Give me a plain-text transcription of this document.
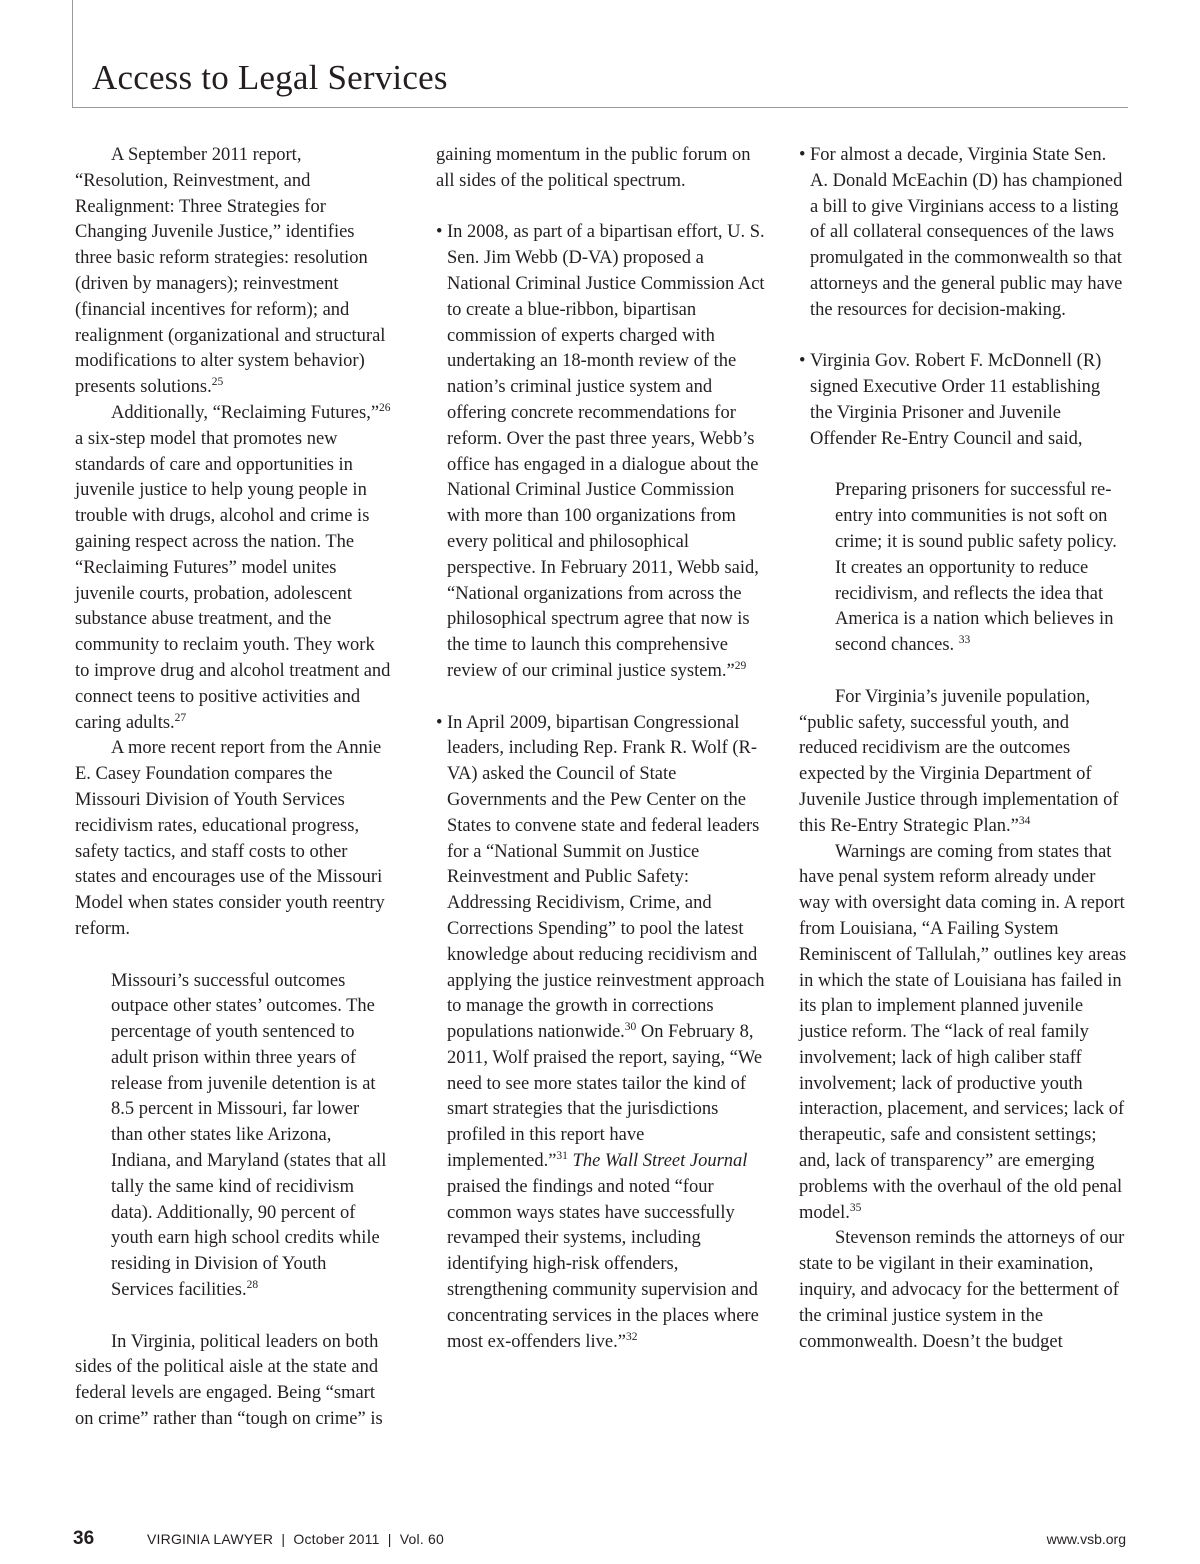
Access to Legal Services

A September 2011 report, “Resolution, Reinvestment, and Realignment: Three Strategies for Changing Juvenile Justice,” identifies three basic reform strategies: resolution (driven by managers); reinvestment (financial incentives for reform); and realignment (organizational and structural modifications to alter system behavior) presents solutions.$^{25}$

Additionally, “Reclaiming Futures,”$^{26}$ a six-step model that promotes new standards of care and opportunities in juvenile justice to help young people in trouble with drugs, alcohol and crime is gaining respect across the nation. The “Reclaiming Futures” model unites juvenile courts, probation, adolescent substance abuse treatment, and the community to reclaim youth. They work to improve drug and alcohol treatment and connect teens to positive activities and caring adults.$^{27}$

A more recent report from the Annie E. Casey Foundation compares the Missouri Division of Youth Services recidivism rates, educational progress, safety tactics, and staff costs to other states and encourages use of the Missouri Model when states consider youth reentry reform.

Missouri’s successful outcomes outpace other states’ outcomes. The percentage of youth sentenced to adult prison within three years of release from juvenile detention is at 8.5 percent in Missouri, far lower than other states like Arizona, Indiana, and Maryland (states that all tally the same kind of recidivism data). Additionally, 90 percent of youth earn high school credits while residing in Division of Youth Services facilities.$^{28}$

In Virginia, political leaders on both sides of the political aisle at the state and federal levels are engaged. Being “smart on crime” rather than “tough on crime” is

gaining momentum in the public forum on all sides of the political spectrum.

• In 2008, as part of a bipartisan effort, U. S. Sen. Jim Webb (D-VA) proposed a National Criminal Justice Commission Act to create a blue-ribbon, bipartisan commission of experts charged with undertaking an 18-month review of the nation’s criminal justice system and offering concrete recommendations for reform. Over the past three years, Webb’s office has engaged in a dialogue about the National Criminal Justice Commission with more than 100 organizations from every political and philosophical perspective. In February 2011, Webb said, “National organizations from across the philosophical spectrum agree that now is the time to launch this comprehensive review of our criminal justice system.”$^{29}$

• In April 2009, bipartisan Congressional leaders, including Rep. Frank R. Wolf (R-VA) asked the Council of State Governments and the Pew Center on the States to convene state and federal leaders for a “National Summit on Justice Reinvestment and Public Safety: Addressing Recidivism, Crime, and Corrections Spending” to pool the latest knowledge about reducing recidivism and applying the justice reinvestment approach to manage the growth in corrections populations nationwide.$^{30}$ On February 8, 2011, Wolf praised the report, saying, “We need to see more states tailor the kind of smart strategies that the jurisdictions profiled in this report have implemented.”$^{31}$ The Wall Street Journal praised the findings and noted “four common ways states have successfully revamped their systems, including identifying high-risk offenders, strengthening community supervision and concentrating services in the places where most ex-offenders live.”$^{32}$

• For almost a decade, Virginia State Sen. A. Donald McEachin (D) has championed a bill to give Virginians access to a listing of all collateral consequences of the laws promulgated in the commonwealth so that attorneys and the general public may have the resources for decision-making.

• Virginia Gov. Robert F. McDonnell (R) signed Executive Order 11 establishing the Virginia Prisoner and Juvenile Offender Re-Entry Council and said,

Preparing prisoners for successful re-entry into communities is not soft on crime; it is sound public safety policy. It creates an opportunity to reduce recidivism, and reflects the idea that America is a nation which believes in second chances. $^{33}$

For Virginia’s juvenile population, “public safety, successful youth, and reduced recidivism are the outcomes expected by the Virginia Department of Juvenile Justice through implementation of this Re-Entry Strategic Plan.”$^{34}$

Warnings are coming from states that have penal system reform already under way with oversight data coming in. A report from Louisiana, “A Failing System Reminiscent of Tallulah,” outlines key areas in which the state of Louisiana has failed in its plan to implement planned juvenile justice reform. The “lack of real family involvement; lack of high caliber staff involvement; lack of productive youth interaction, placement, and services; lack of therapeutic, safe and consistent settings; and, lack of transparency” are emerging problems with the overhaul of the old penal model.$^{35}$

Stevenson reminds the attorneys of our state to be vigilant in their examination, inquiry, and advocacy for the betterment of the criminal justice system in the commonwealth. Doesn’t the budget

36	VIRGINIA LAWYER  |  October 2011  |  Vol. 60	www.vsb.org
